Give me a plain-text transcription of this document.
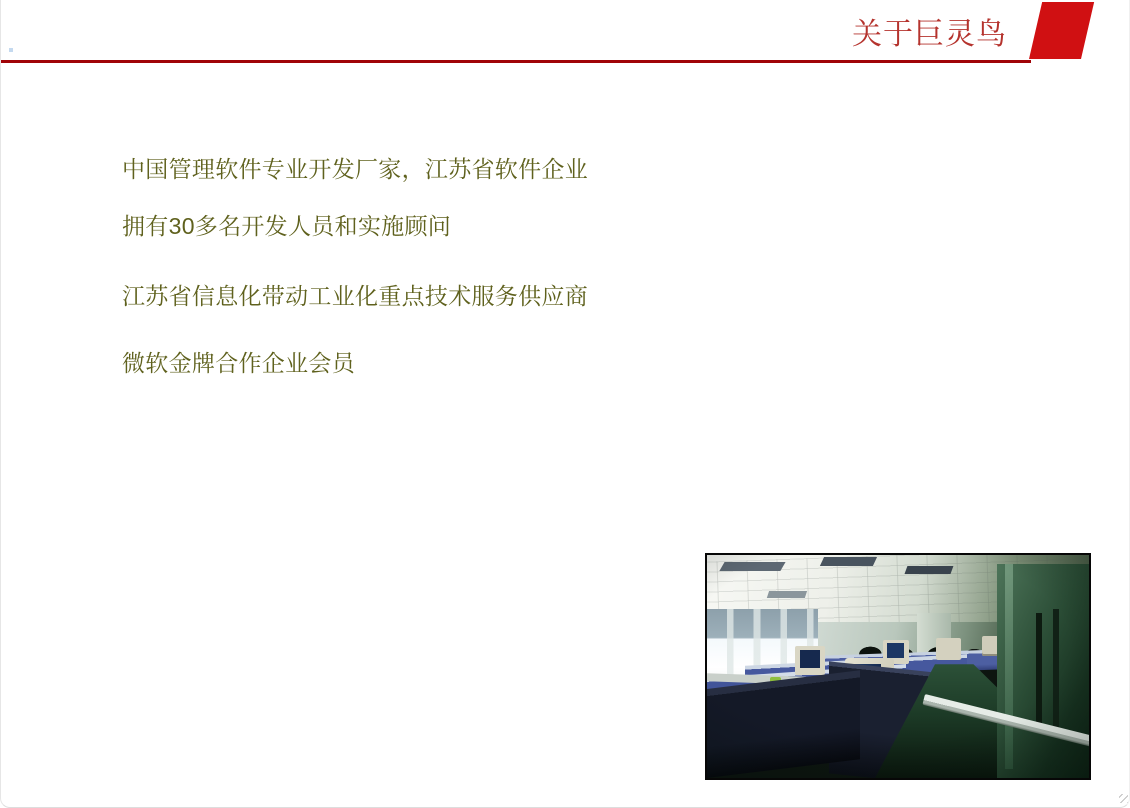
关于巨灵鸟
中国管理软件专业开发厂家，江苏省软件企业
拥有30多名开发人员和实施顾问
江苏省信息化带动工业化重点技术服务供应商
微软金牌合作企业会员
